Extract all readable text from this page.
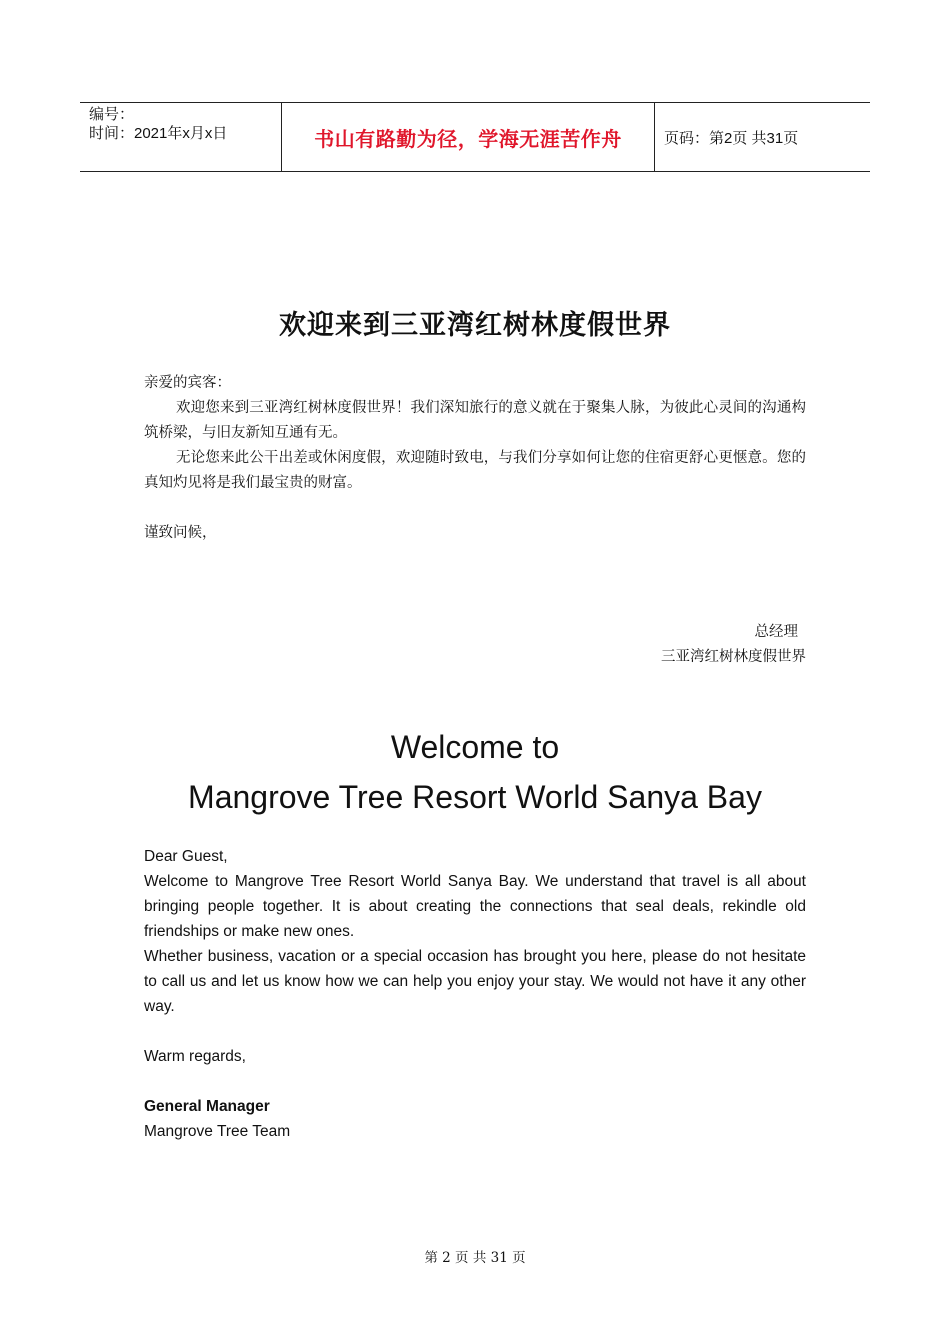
编号：
时间：2021年x月x日	书山有路勤为径，学海无涯苦作舟	页码：第2页 共31页
欢迎来到三亚湾红树林度假世界

亲爱的宾客：

欢迎您来到三亚湾红树林度假世界！我们深知旅行的意义就在于聚集人脉，为彼此心灵间的沟通构筑桥梁，与旧友新知互通有无。

无论您来此公干出差或休闲度假，欢迎随时致电，与我们分享如何让您的住宿更舒心更惬意。您的真知灼见将是我们最宝贵的财富。

谨致问候，

总经理
三亚湾红树林度假世界
Welcome to
Mangrove Tree Resort World Sanya Bay

Dear Guest,

Welcome to Mangrove Tree Resort World Sanya Bay. We understand that travel is all about bringing people together. It is about creating the connections that seal deals, rekindle old friendships or make new ones.

Whether business, vacation or a special occasion has brought you here, please do not hesitate to call us and let us know how we can help you enjoy your stay. We would not have it any other way.

Warm regards,

General Manager

Mangrove Tree Team

第 2 页 共 31 页
